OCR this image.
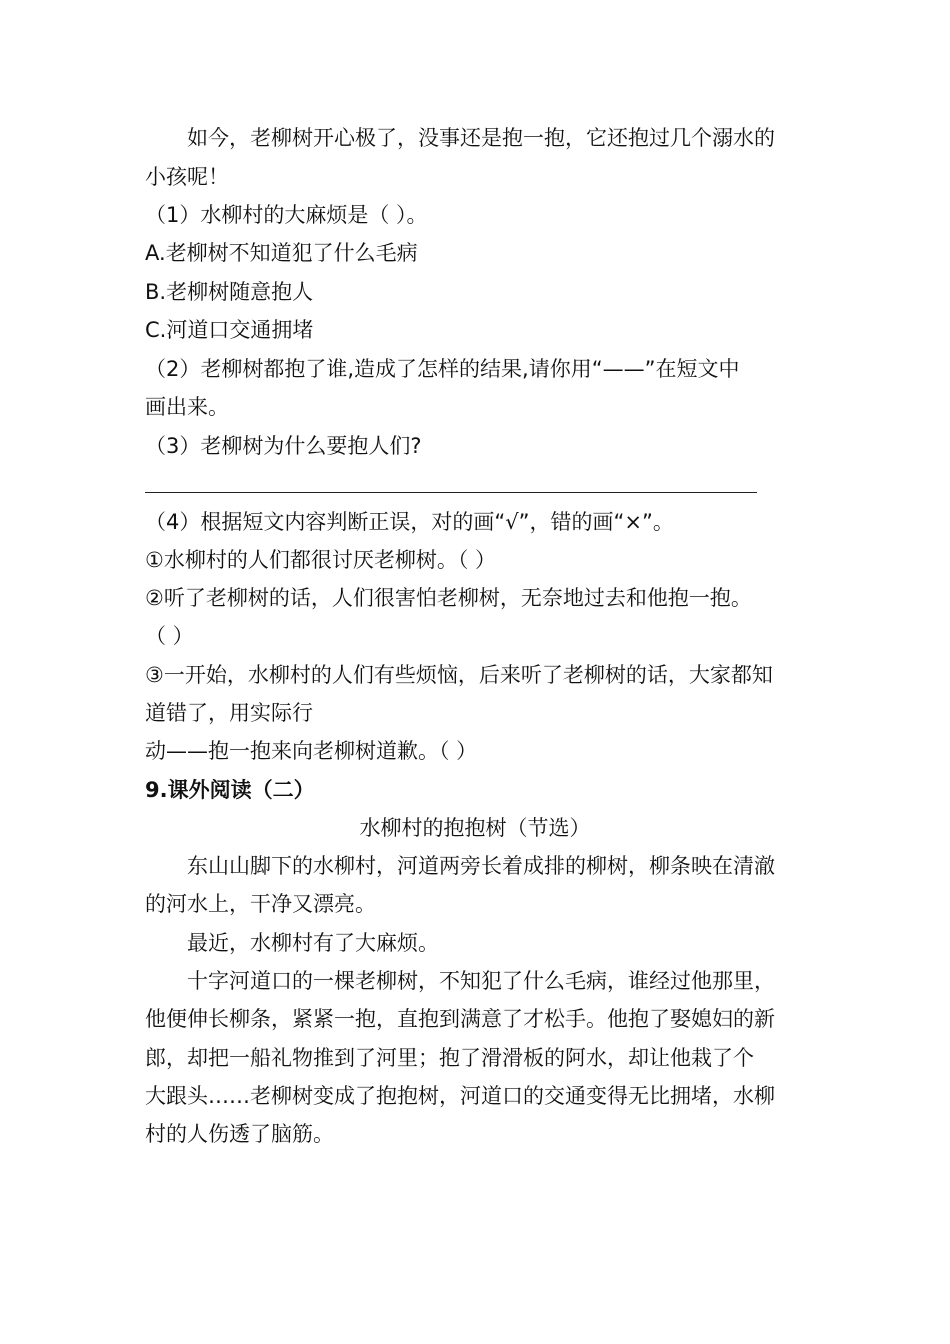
如今，老柳树开心极了，没事还是抱一抱，它还抱过几个溺水的

小孩呢！

（1）水柳村的大麻烦是（ ）。

A.老柳树不知道犯了什么毛病

B.老柳树随意抱人

C.河道口交通拥堵

（2）老柳树都抱了谁,造成了怎样的结果,请你用“——”在短文中

画出来。

（3）老柳树为什么要抱人们?

（4）根据短文内容判断正误，对的画“√”，错的画“×”。

①水柳村的人们都很讨厌老柳树。（ ）

②听了老柳树的话，人们很害怕老柳树，无奈地过去和他抱一抱。

（ ）

③一开始，水柳村的人们有些烦恼，后来听了老柳树的话，大家都知

道错了，用实际行

动——抱一抱来向老柳树道歉。（ ）

9.课外阅读（二）

水柳村的抱抱树（节选）

东山山脚下的水柳村，河道两旁长着成排的柳树，柳条映在清澈

的河水上，干净又漂亮。

最近，水柳村有了大麻烦。

十字河道口的一棵老柳树，不知犯了什么毛病，谁经过他那里，

他便伸长柳条，紧紧一抱，直抱到满意了才松手。他抱了娶媳妇的新

郎，却把一船礼物推到了河里；抱了滑滑板的阿水，却让他栽了个

大跟头……老柳树变成了抱抱树，河道口的交通变得无比拥堵，水柳

村的人伤透了脑筋。
